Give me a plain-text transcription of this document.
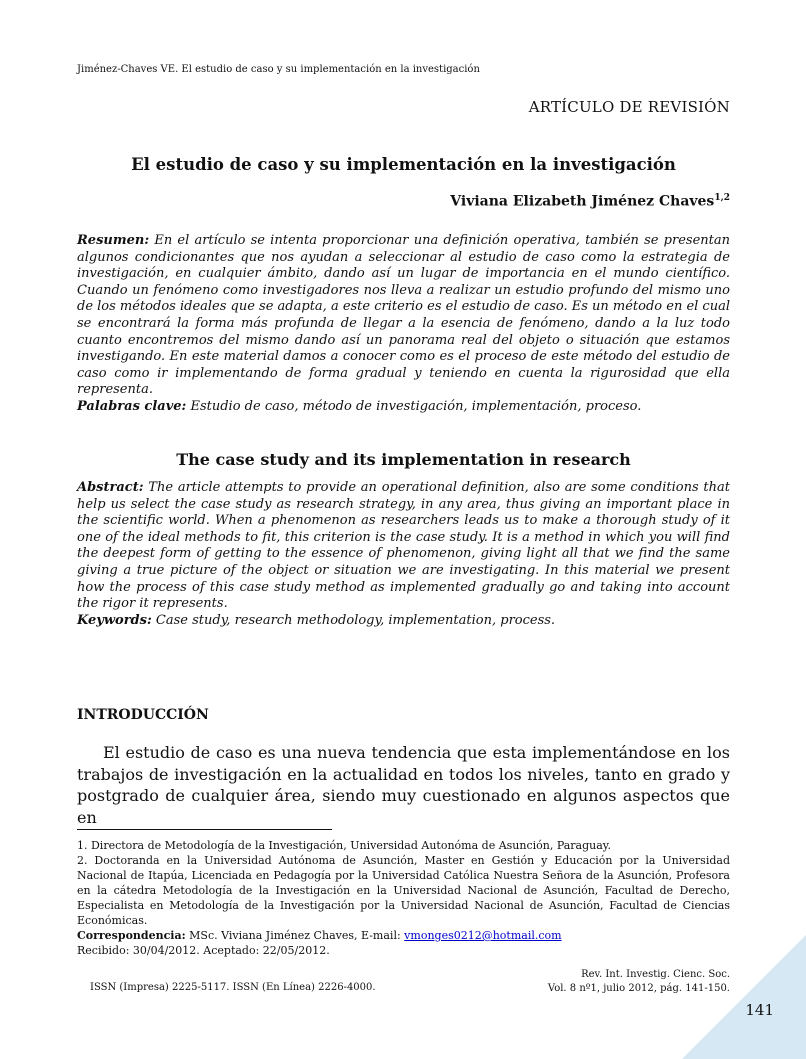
Jiménez-Chaves VE. El estudio de caso y su implementación en la investigación
ARTÍCULO DE REVISIÓN
El estudio de caso y su implementación en la investigación
Viviana Elizabeth Jiménez Chaves$^{1,2}$
Resumen: En el artículo se intenta proporcionar una definición operativa, también se presentan algunos condicionantes que nos ayudan a seleccionar al estudio de caso como la estrategia de investigación, en cualquier ámbito, dando así un lugar de importancia en el mundo científico. Cuando un fenómeno como investigadores nos lleva a realizar un estudio profundo del mismo uno de los métodos ideales que se adapta, a este criterio es el estudio de caso. Es un método en el cual se encontrará la forma más profunda de llegar a la esencia de fenómeno, dando a la luz todo cuanto encontremos del mismo dando así un panorama real del objeto o situación que estamos investigando. En este material damos a conocer como es el proceso de este método del estudio de caso como ir implementando de forma gradual y teniendo en cuenta la rigurosidad que ella representa.
Palabras clave: Estudio de caso, método de investigación, implementación, proceso.
The case study and its implementation in research
Abstract: The article attempts to provide an operational definition, also are some conditions that help us select the case study as research strategy, in any area, thus giving an important place in the scientific world. When a phenomenon as researchers leads us to make a thorough study of it one of the ideal methods to fit, this criterion is the case study. It is a method in which you will find the deepest form of getting to the essence of phenomenon, giving light all that we find the same giving a true picture of the object or situation we are investigating. In this material we present how the process of this case study method as implemented gradually go and taking into account the rigor it represents.
Keywords: Case study, research methodology, implementation, process.
INTRODUCCIÓN
El estudio de caso es una nueva tendencia que esta implementándose en los trabajos de investigación en la actualidad en todos los niveles, tanto en grado y postgrado de cualquier área, siendo muy cuestionado en algunos aspectos que en

1. Directora de Metodología de la Investigación, Universidad Autonóma de Asunción, Paraguay.

2. Doctoranda en la Universidad Autónoma de Asunción, Master en Gestión y Educación por la Universidad Nacional de Itapúa, Licenciada en Pedagogía por la Universidad Católica Nuestra Señora de la Asunción, Profesora en la cátedra Metodología de la Investigación en la Universidad Nacional de Asunción, Facultad de Derecho, Especialista en Metodología de la Investigación por la Universidad Nacional de Asunción, Facultad de Ciencias Económicas.

Correspondencia: MSc. Viviana Jiménez Chaves, E-mail: vmonges0212@hotmail.com

Recibido: 30/04/2012. Aceptado: 22/05/2012.

ISSN (Impresa) 2225-5117. ISSN (En Línea) 2226-4000.
Rev. Int. Investig. Cienc. Soc.
Vol. 8 nº1, julio 2012, pág. 141-150.
141
